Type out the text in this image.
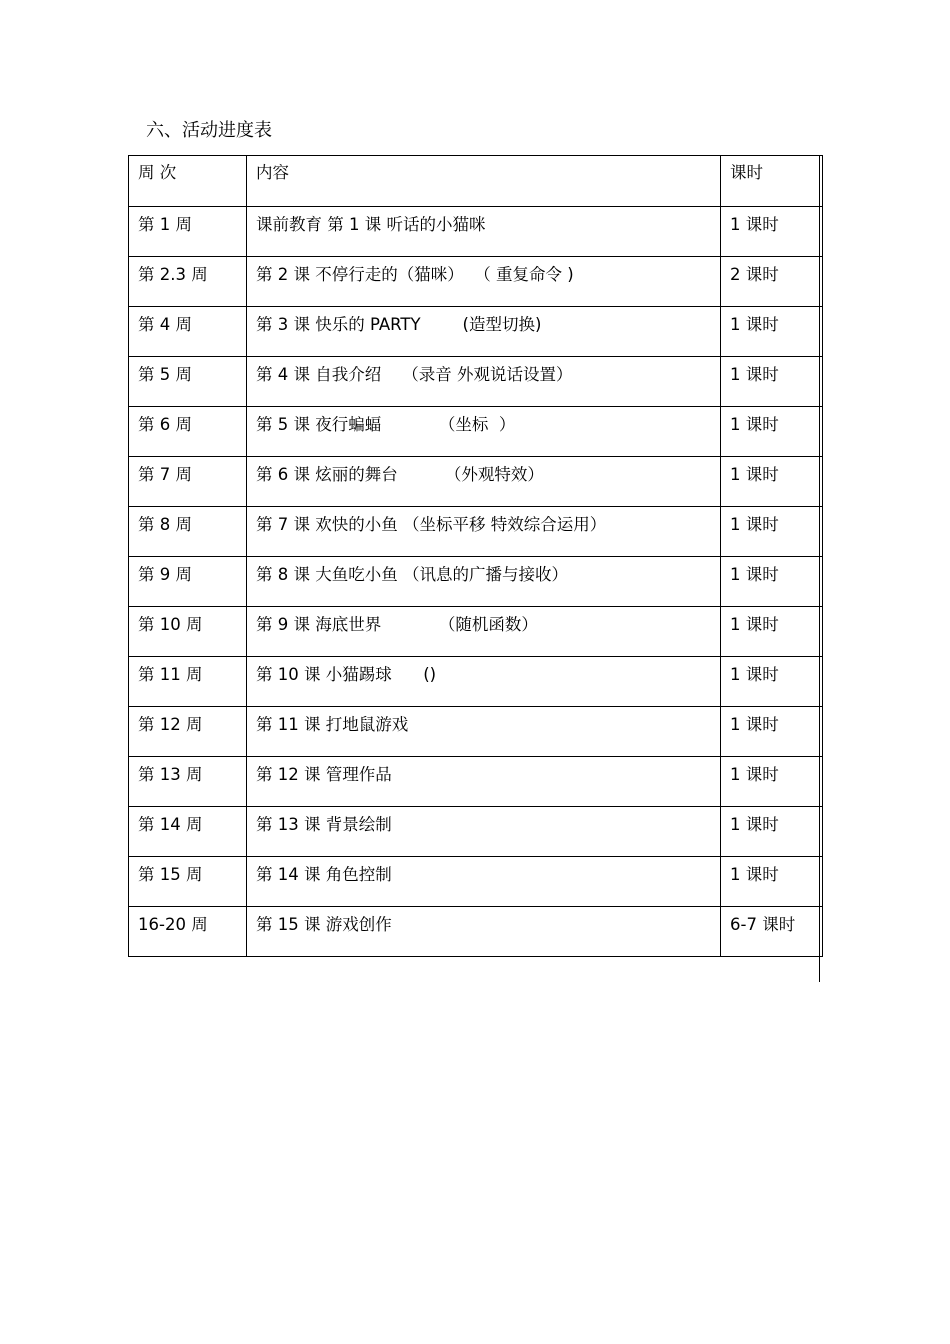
六、活动进度表
周 次	内容	课时
第 1 周	课前教育 第 1 课 听话的小猫咪	1 课时
第 2.3 周	第 2 课 不停行走的（猫咪）  （ 重复命令 )	2 课时
第 4 周	第 3 课 快乐的 PARTY        (造型切换)	1 课时
第 5 周	第 4 课 自我介绍    （录音 外观说话设置）	1 课时
第 6 周	第 5 课 夜行蝙蝠           （坐标  ）	1 课时
第 7 周	第 6 课 炫丽的舞台         （外观特效）	1 课时
第 8 周	第 7 课 欢快的小鱼 （坐标平移 特效综合运用）	1 课时
第 9 周	第 8 课 大鱼吃小鱼 （讯息的广播与接收）	1 课时
第 10 周	第 9 课 海底世界           （随机函数）	1 课时
第 11 周	第 10 课 小猫踢球      ()	1 课时
第 12 周	第 11 课 打地鼠游戏	1 课时
第 13 周	第 12 课 管理作品	1 课时
第 14 周	第 13 课 背景绘制	1 课时
第 15 周	第 14 课 角色控制	1 课时
16-20 周	第 15 课 游戏创作	6-7 课时
